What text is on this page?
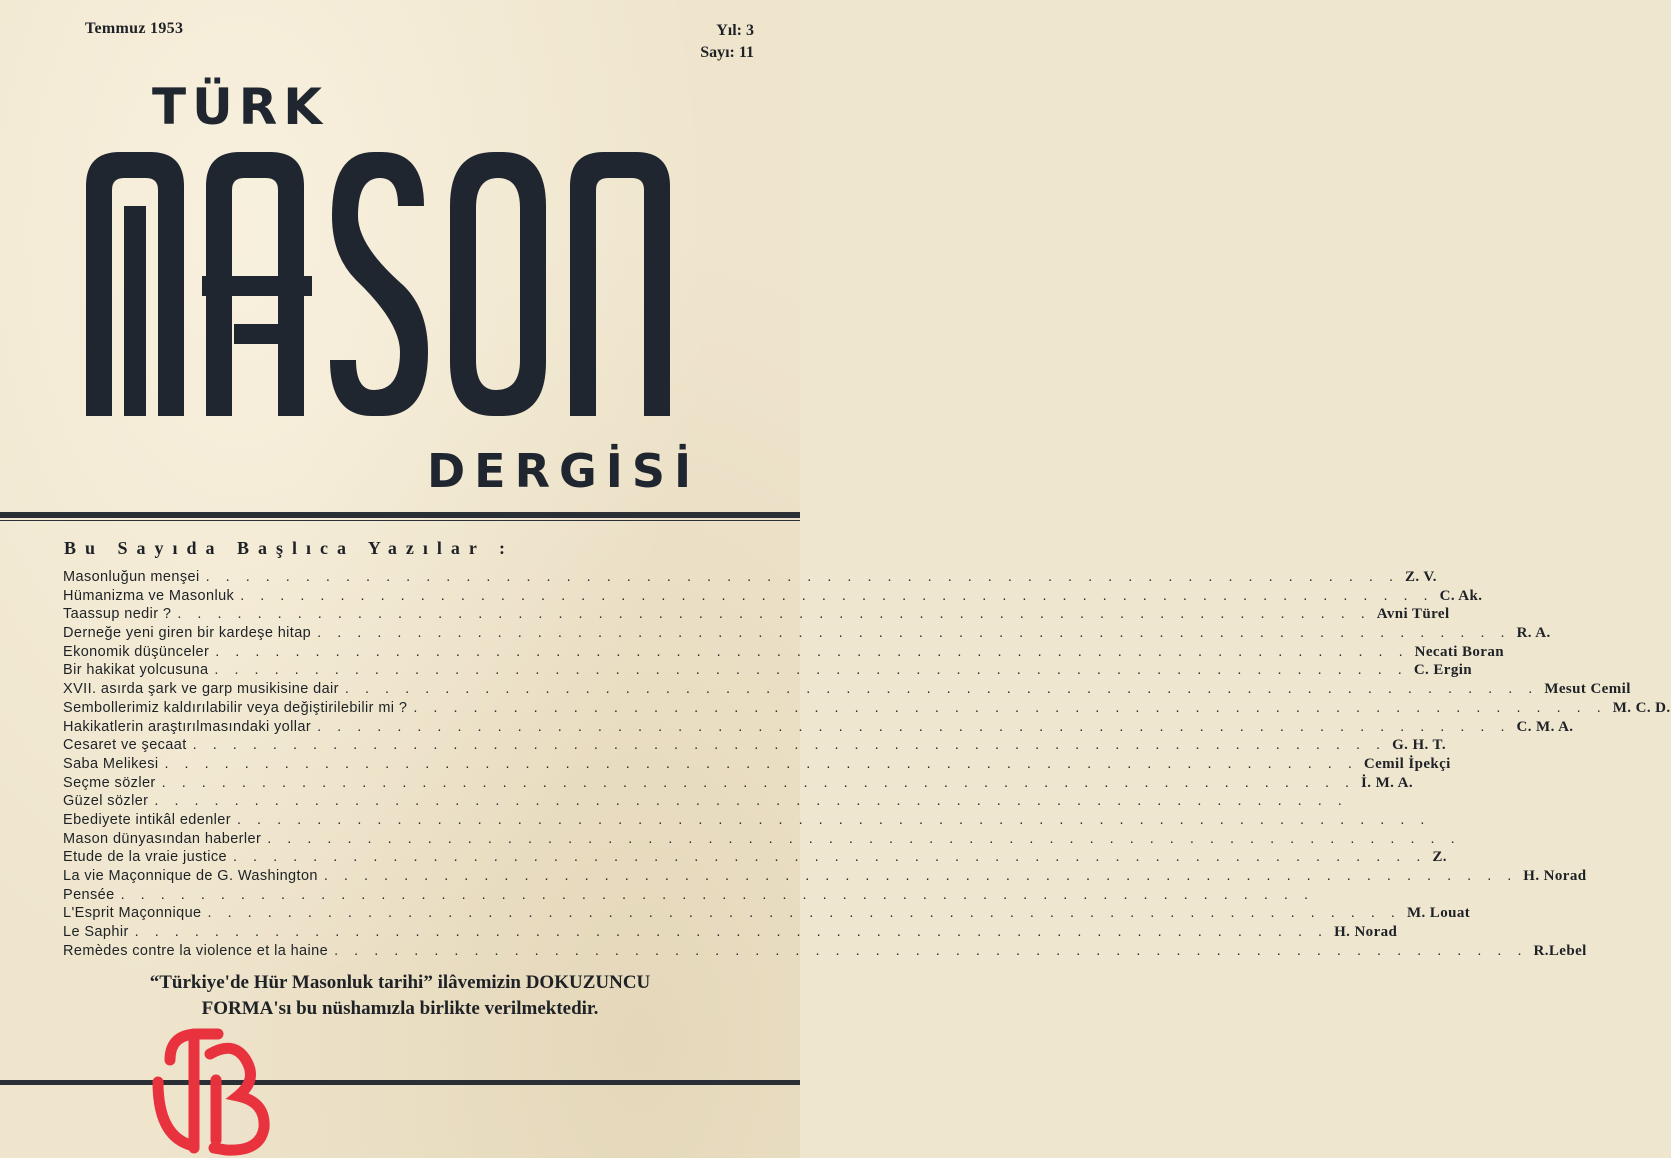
Temmuz 1953	Yıl: 3
Sayı: 11
TÜRK
DERGİSİ
Bu Sayıda Başlıca Yazılar :
Masonluğun menşei . . . . . . . . . . . . . . . . . . . . . . . . . . . . . . . . . . . . . . . . . . . . . . . . . . . . . . . . . . . . Z. V.
Hümanizma ve Masonluk . . . . . . . . . . . . . . . . . . . . . . . . . . . . . . . . . . . . . . . . . . . . . . . . . . . . . . . . . . . . C. Ak.
Taassup nedir ? . . . . . . . . . . . . . . . . . . . . . . . . . . . . . . . . . . . . . . . . . . . . . . . . . . . . . . . . . . . . Avni Türel
Derneğe yeni giren bir kardeşe hitap . . . . . . . . . . . . . . . . . . . . . . . . . . . . . . . . . . . . . . . . . . . . . . . . . . . . . . . . . . . . R. A.
Ekonomik düşünceler . . . . . . . . . . . . . . . . . . . . . . . . . . . . . . . . . . . . . . . . . . . . . . . . . . . . . . . . . . . . Necati Boran
Bir hakikat yolcusuna . . . . . . . . . . . . . . . . . . . . . . . . . . . . . . . . . . . . . . . . . . . . . . . . . . . . . . . . . . . . C. Ergin
XVII. asırda şark ve garp musikisine dair . . . . . . . . . . . . . . . . . . . . . . . . . . . . . . . . . . . . . . . . . . . . . . . . . . . . . . . . . . . . Mesut Cemil
Sembollerimiz kaldırılabilir veya değiştirilebilir mi ? . . . . . . . . . . . . . . . . . . . . . . . . . . . . . . . . . . . . . . . . . . . . . . . . . . . . . . . . . . . . M. C. D.
Hakikatlerin araştırılmasındaki yollar . . . . . . . . . . . . . . . . . . . . . . . . . . . . . . . . . . . . . . . . . . . . . . . . . . . . . . . . . . . . C. M. A.
Cesaret ve şecaat . . . . . . . . . . . . . . . . . . . . . . . . . . . . . . . . . . . . . . . . . . . . . . . . . . . . . . . . . . . . G. H. T.
Saba Melikesi . . . . . . . . . . . . . . . . . . . . . . . . . . . . . . . . . . . . . . . . . . . . . . . . . . . . . . . . . . . . Cemil İpekçi
Seçme sözler . . . . . . . . . . . . . . . . . . . . . . . . . . . . . . . . . . . . . . . . . . . . . . . . . . . . . . . . . . . . İ. M. A.
Güzel sözler . . . . . . . . . . . . . . . . . . . . . . . . . . . . . . . . . . . . . . . . . . . . . . . . . . . . . . . . . . . .
Ebediyete intikâl edenler . . . . . . . . . . . . . . . . . . . . . . . . . . . . . . . . . . . . . . . . . . . . . . . . . . . . . . . . . . . .
Mason dünyasından haberler . . . . . . . . . . . . . . . . . . . . . . . . . . . . . . . . . . . . . . . . . . . . . . . . . . . . . . . . . . . .
Etude de la vraie justice . . . . . . . . . . . . . . . . . . . . . . . . . . . . . . . . . . . . . . . . . . . . . . . . . . . . . . . . . . . . Z.
La vie Maçonnique de G. Washington . . . . . . . . . . . . . . . . . . . . . . . . . . . . . . . . . . . . . . . . . . . . . . . . . . . . . . . . . . . . H. Norad
Pensée . . . . . . . . . . . . . . . . . . . . . . . . . . . . . . . . . . . . . . . . . . . . . . . . . . . . . . . . . . . .
L'Esprit Maçonnique . . . . . . . . . . . . . . . . . . . . . . . . . . . . . . . . . . . . . . . . . . . . . . . . . . . . . . . . . . . . M. Louat
Le Saphir . . . . . . . . . . . . . . . . . . . . . . . . . . . . . . . . . . . . . . . . . . . . . . . . . . . . . . . . . . . . H. Norad
Remèdes contre la violence et la haine . . . . . . . . . . . . . . . . . . . . . . . . . . . . . . . . . . . . . . . . . . . . . . . . . . . . . . . . . . . . R.Lebel
“Türkiye'de Hür Masonluk tarihi” ilâvemizin DOKUZUNCU
FORMA'sı bu nüshamızla birlikte verilmektedir.
